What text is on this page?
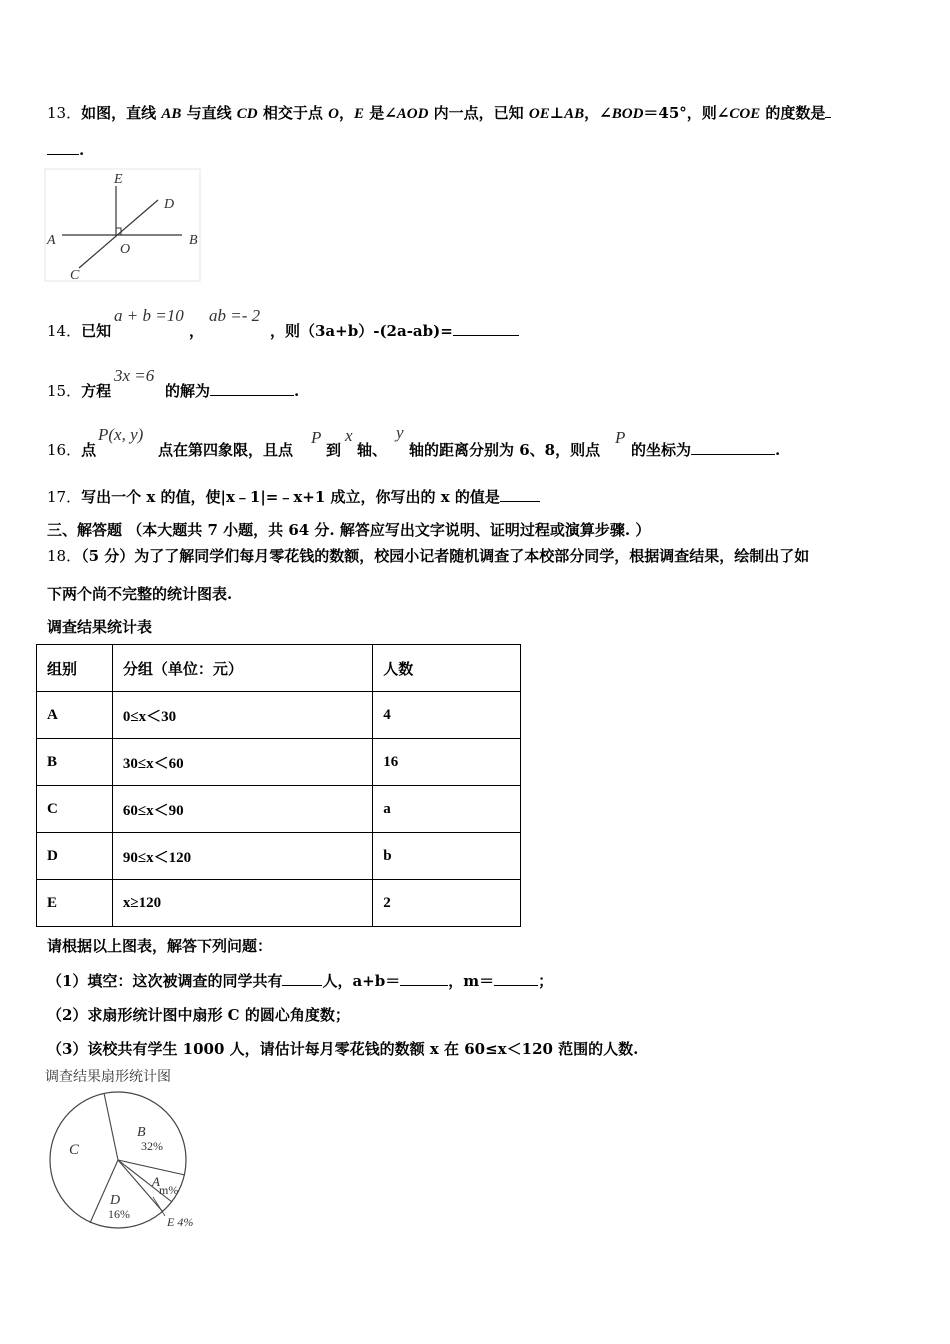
13．如图，直线 AB 与直线 CD 相交于点 O，E 是∠AOD 内一点，已知 OE⊥AB，∠BOD＝45°，则∠COE 的度数是
.
E
D
A
O
B
C
14．已知
a + b =10
，
ab =- 2
，则（3a+b）-(2a-ab)=
15．方程
3x =6
的解为	.
16．点
P(x, y)
点在第四象限，且点
P
到
x
轴、
y
轴的距离分别为 6、8，则点
P
的坐标为	.
17．写出一个 x 的值，使|x﹣1|=﹣x+1 成立，你写出的 x 的值是
三、解答题 （本大题共 7 小题，共 64 分. 解答应写出文字说明、证明过程或演算步骤. ）
18．（5 分）为了了解同学们每月零花钱的数额，校园小记者随机调查了本校部分同学，根据调查结果，绘制出了如
下两个尚不完整的统计图表.
调查结果统计表
组别	分组（单位：元）	人数
A	0≤x＜30	4
B	30≤x＜60	16
C	60≤x＜90	a
D	90≤x＜120	b
E	x≥120	2
请根据以上图表，解答下列问题：
（1）填空：这次被调查的同学共有	人，a+b＝	，m＝	；
（2）求扇形统计图中扇形 C 的圆心角度数；
（3）该校共有学生 1000 人，请估计每月零花钱的数额 x 在 60≤x＜120 范围的人数.
调查结果扇形统计图
C
B
32%
A
m%
D
16%
E 4%
